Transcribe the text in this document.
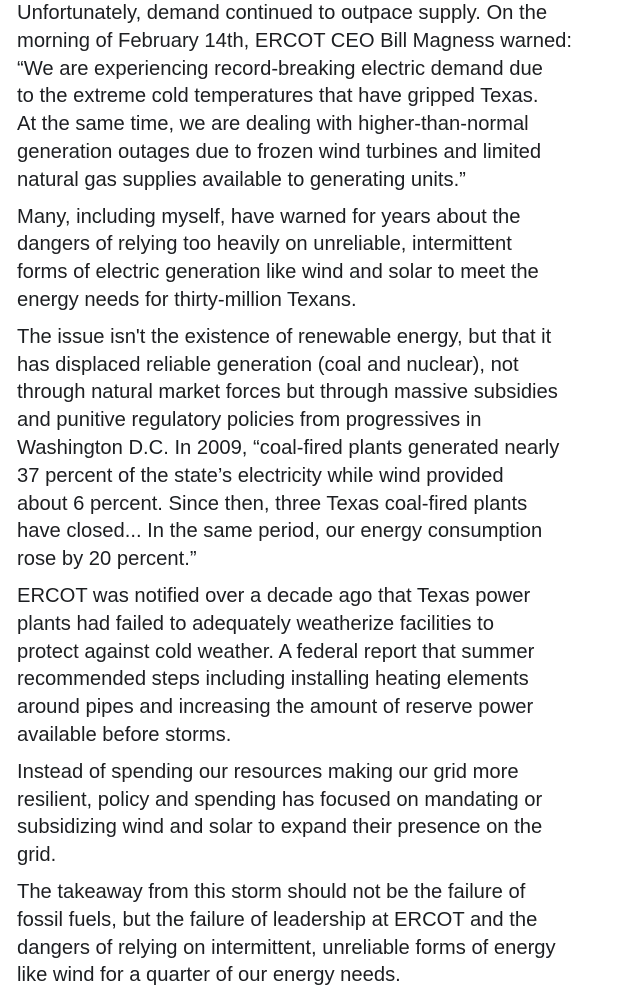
Unfortunately, demand continued to outpace supply. On the
morning of February 14th, ERCOT CEO Bill Magness warned:
“We are experiencing record-breaking electric demand due
to the extreme cold temperatures that have gripped Texas.
At the same time, we are dealing with higher-than-normal
generation outages due to frozen wind turbines and limited
natural gas supplies available to generating units.”

Many, including myself, have warned for years about the
dangers of relying too heavily on unreliable, intermittent
forms of electric generation like wind and solar to meet the
energy needs for thirty-million Texans.

The issue isn't the existence of renewable energy, but that it
has displaced reliable generation (coal and nuclear), not
through natural market forces but through massive subsidies
and punitive regulatory policies from progressives in
Washington D.C. In 2009, “coal-fired plants generated nearly
37 percent of the state’s electricity while wind provided
about 6 percent. Since then, three Texas coal-fired plants
have closed... In the same period, our energy consumption
rose by 20 percent.”

ERCOT was notified over a decade ago that Texas power
plants had failed to adequately weatherize facilities to
protect against cold weather. A federal report that summer
recommended steps including installing heating elements
around pipes and increasing the amount of reserve power
available before storms.

Instead of spending our resources making our grid more
resilient, policy and spending has focused on mandating or
subsidizing wind and solar to expand their presence on the
grid.

The takeaway from this storm should not be the failure of
fossil fuels, but the failure of leadership at ERCOT and the
dangers of relying on intermittent, unreliable forms of energy
like wind for a quarter of our energy needs.
